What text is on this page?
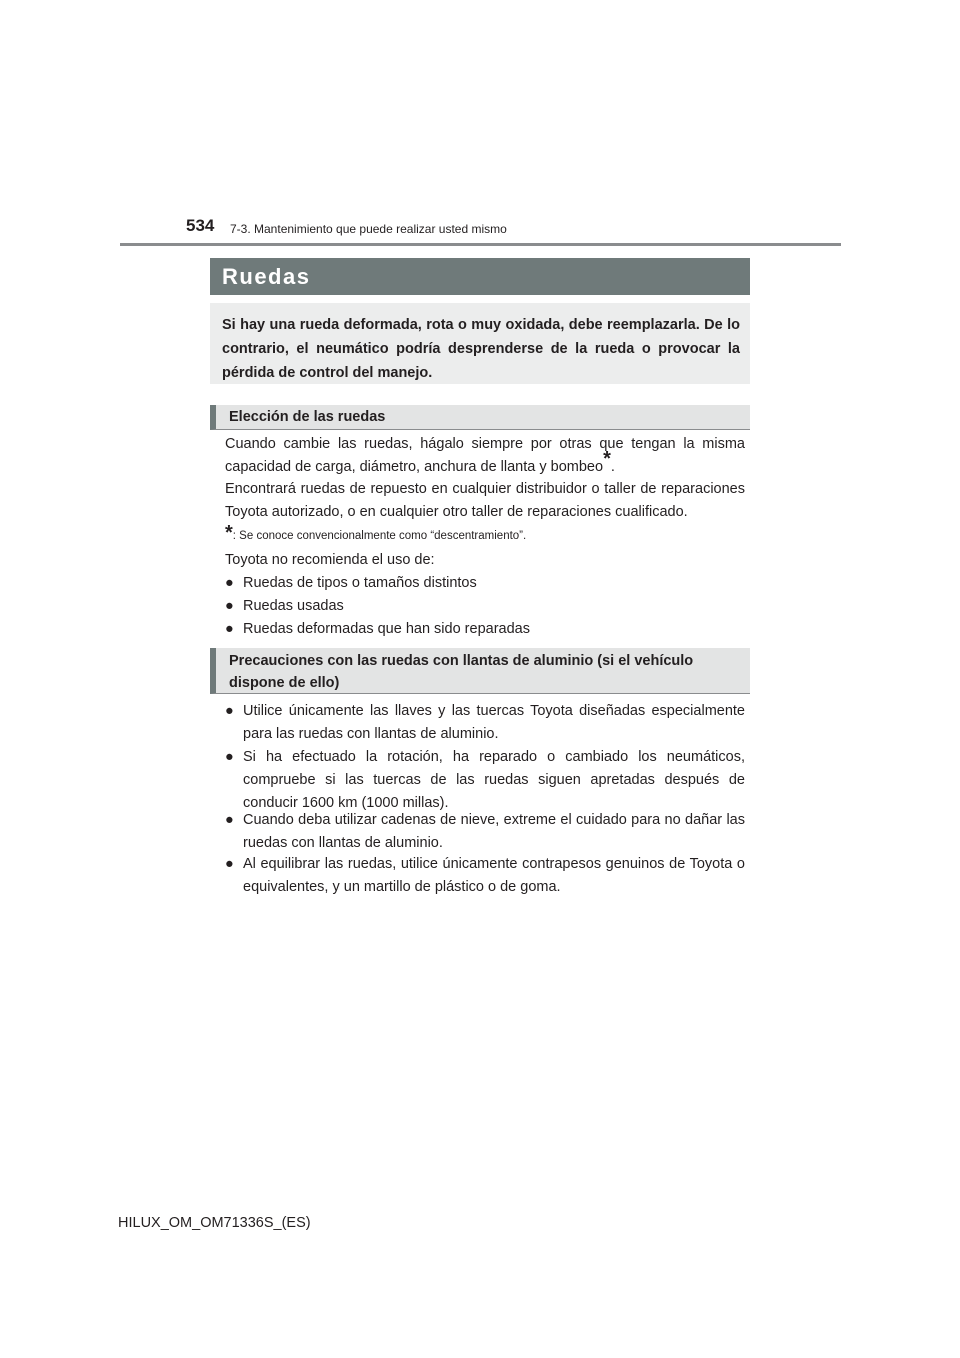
534 7-3. Mantenimiento que puede realizar usted mismo
Ruedas
Si hay una rueda deformada, rota o muy oxidada, debe reemplazarla. De lo contrario, el neumático podría desprenderse de la rueda o provocar la pérdida de control del manejo.
Elección de las ruedas
Cuando cambie las ruedas, hágalo siempre por otras que tengan la misma capacidad de carga, diámetro, anchura de llanta y bombeo*.
Encontrará ruedas de repuesto en cualquier distribuidor o taller de reparaciones Toyota autorizado, o en cualquier otro taller de reparaciones cualificado.
*: Se conoce convencionalmente como “descentramiento”.
Toyota no recomienda el uso de:
● Ruedas de tipos o tamaños distintos
● Ruedas usadas
● Ruedas deformadas que han sido reparadas
Precauciones con las ruedas con llantas de aluminio (si el vehículo dispone de ello)
● Utilice únicamente las llaves y las tuercas Toyota diseñadas especialmente para las ruedas con llantas de aluminio.
● Si ha efectuado la rotación, ha reparado o cambiado los neumáticos, compruebe si las tuercas de las ruedas siguen apretadas después de conducir 1600 km (1000 millas).
● Cuando deba utilizar cadenas de nieve, extreme el cuidado para no dañar las ruedas con llantas de aluminio.
● Al equilibrar las ruedas, utilice únicamente contrapesos genuinos de Toyota o equivalentes, y un martillo de plástico o de goma.
HILUX_OM_OM71336S_(ES)
